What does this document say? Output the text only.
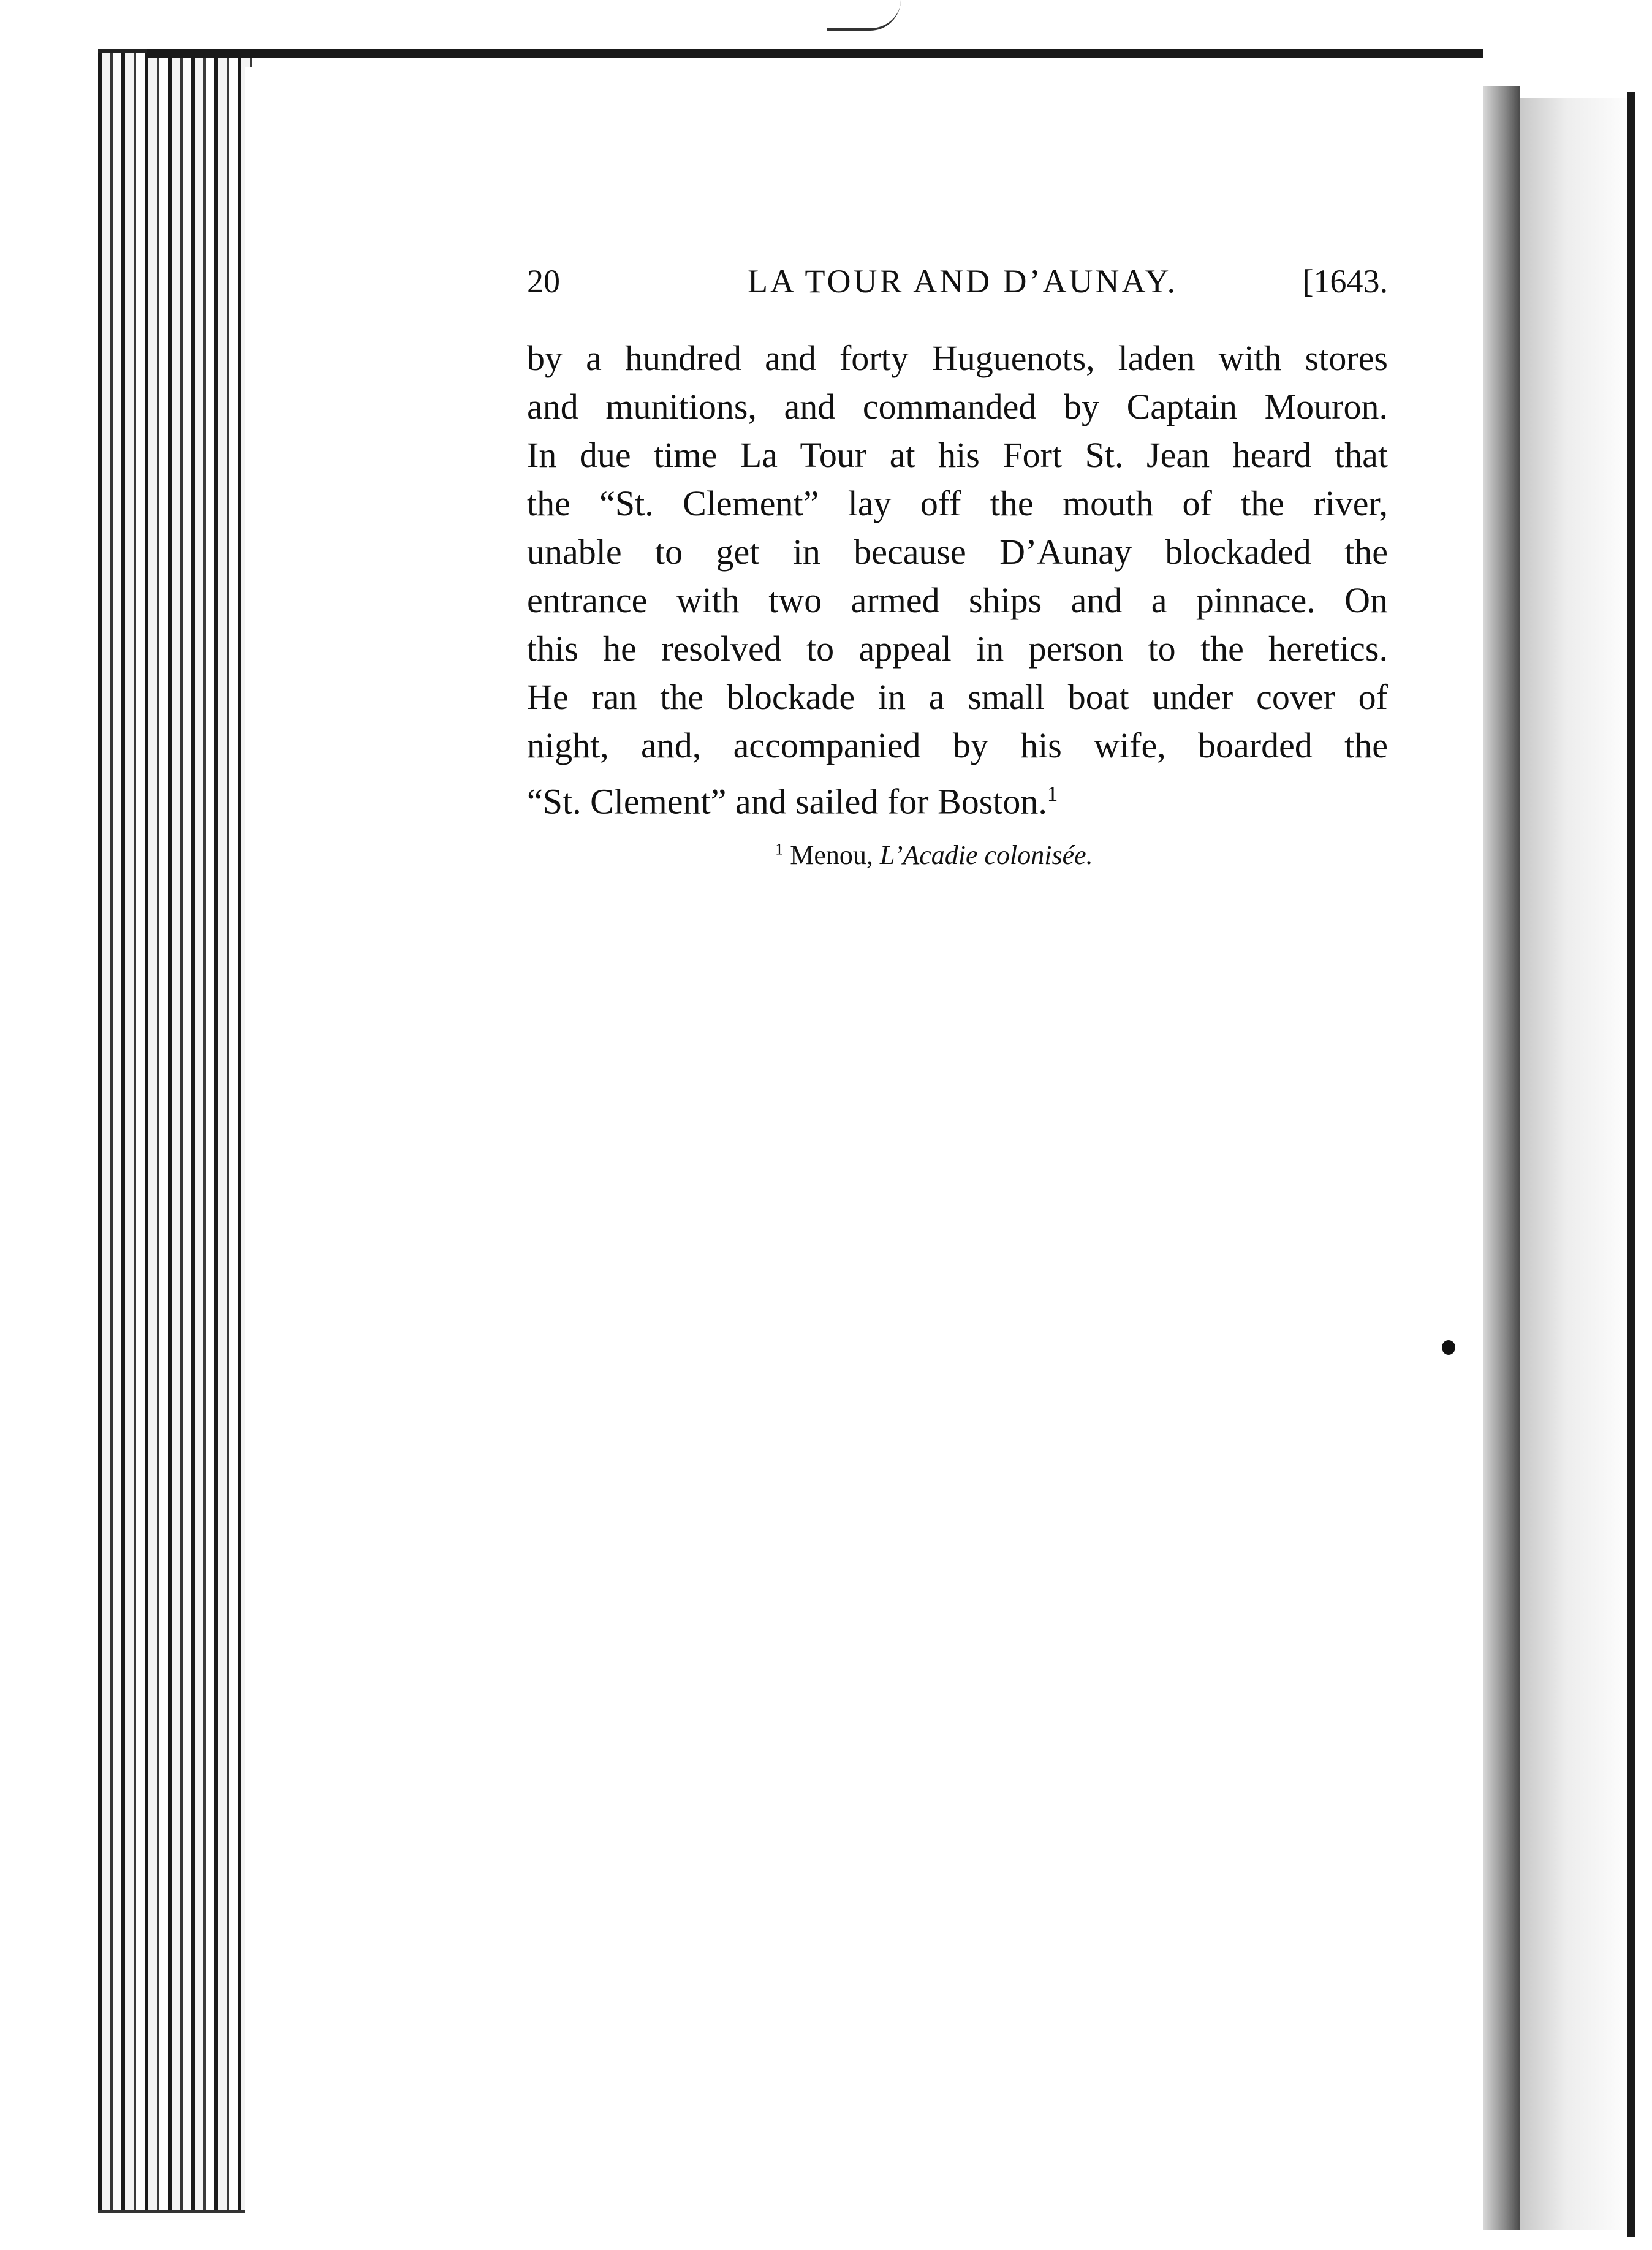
20	LA TOUR AND D’AUNAY.	[1643.
by a hundred and forty Huguenots, laden with stores
and munitions, and commanded by Captain Mouron.
In due time La Tour at his Fort St. Jean heard that
the “St. Clement” lay off the mouth of the river,
unable to get in because D’Aunay blockaded the
entrance with two armed ships and a pinnace. On
this he resolved to appeal in person to the heretics.
He ran the blockade in a small boat under cover of
night, and, accompanied by his wife, boarded the
“St. Clement” and sailed for Boston.$^1$
$^1$ Menou, L’Acadie colonisée.
